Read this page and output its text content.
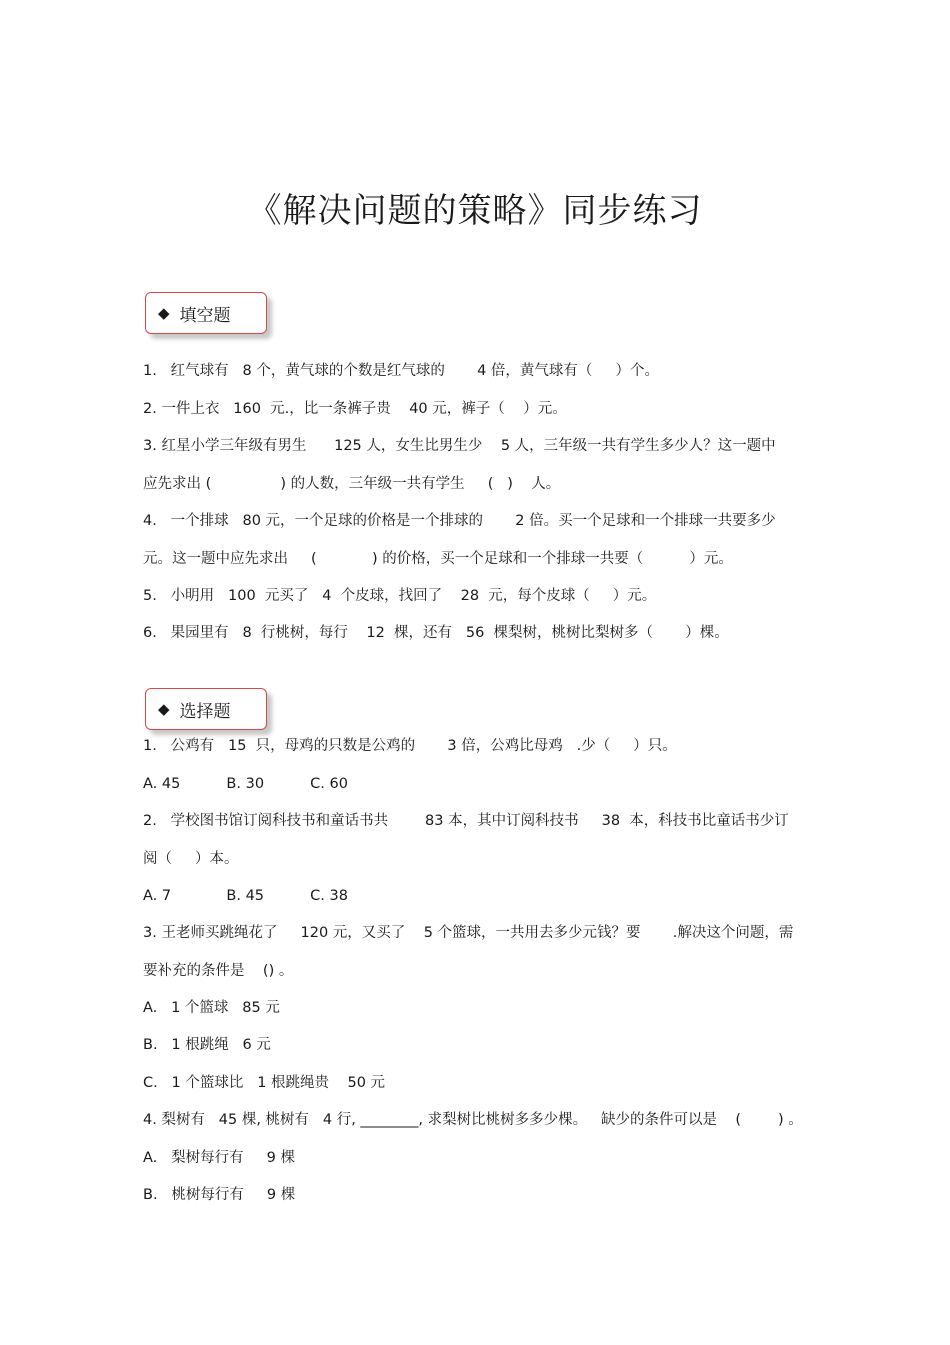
《解决问题的策略》同步练习
◆ 填空题
1.   红气球有   8 个，黄气球的个数是红气球的       4 倍，黄气球有（     ）个。
2. 一件上衣   160  元.，比一条裤子贵    40 元，裤子（    ）元。
3. 红星小学三年级有男生      125 人，女生比男生少    5 人，三年级一共有学生多少人？这一题中
应先求出 (               ) 的人数，三年级一共有学生     (   )    人。
4.   一个排球   80 元，一个足球的价格是一个排球的       2 倍。买一个足球和一个排球一共要多少
元。这一题中应先求出     (            ) 的价格，买一个足球和一个排球一共要（          ）元。
5.   小明用   100  元买了   4  个皮球，找回了    28  元，每个皮球（     ）元。
6.   果园里有   8  行桃树，每行    12  棵，还有   56  棵梨树，桃树比梨树多（       ）棵。
◆ 选择题
1.   公鸡有   15  只，母鸡的只数是公鸡的       3 倍，公鸡比母鸡   .少（     ）只。
A. 45          B. 30          C. 60
2.   学校图书馆订阅科技书和童话书共        83 本，其中订阅科技书     38  本，科技书比童话书少订
阅（     ）本。
A. 7            B. 45          C. 38
3. 王老师买跳绳花了     120 元，又买了    5 个篮球，一共用去多少元钱？要       .解决这个问题，需
要补充的条件是    () 。
A.   1 个篮球   85 元
B.   1 根跳绳   6 元
C.   1 个篮球比   1 根跳绳贵    50 元
4. 梨树有   45 棵, 桃树有   4 行, ________, 求梨树比桃树多多少棵。   缺少的条件可以是    (        ) 。
A.   梨树每行有     9 棵
B.   桃树每行有     9 棵
